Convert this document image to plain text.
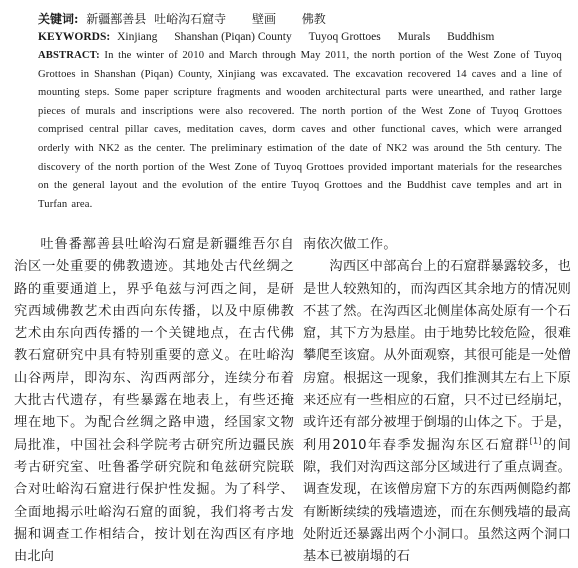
关键词: 新疆鄯善县 吐峪沟石窟寺 壁画 佛教
KEYWORDS: Xinjiang Shanshan (Piqan) County Tuyoq Grottoes Murals Buddhism
ABSTRACT: In the winter of 2010 and March through May 2011, the north portion of the West Zone of Tuyoq Grottoes in Shanshan (Piqan) County, Xinjiang was excavated. The excavation recovered 14 caves and a line of mounting steps. Some paper scripture fragments and wooden architectural parts were unearthed, and rather large pieces of murals and inscriptions were also recovered. The north portion of the West Zone of Tuyoq Grottoes comprised central pillar caves, meditation caves, dorm caves and other functional caves, which were arranged orderly with NK2 as the center. The preliminary estimation of the date of NK2 was around the 5th century. The discovery of the north portion of the West Zone of Tuyoq Grottoes provided important materials for the researches on the general layout and the evolution of the entire Tuyoq Grottoes and the Buddhist cave temples and art in Turfan area.

吐鲁番鄯善县吐峪沟石窟是新疆维吾尔自治区一处重要的佛教遗迹。其地处古代丝绸之路的重要通道上，界乎龟兹与河西之间，是研究西域佛教艺术由西向东传播，以及中原佛教艺术由东向西传播的一个关键地点，在古代佛教石窟研究中具有特别重要的意义。在吐峪沟山谷两岸，即沟东、沟西两部分，连续分布着大批古代遗存，有些暴露在地表上，有些还掩埋在地下。为配合丝绸之路申遗，经国家文物局批准，中国社会科学院考古研究所边疆民族考古研究室、吐鲁番学研究院和龟兹研究院联合对吐峪沟石窟进行保护性发掘。为了科学、全面地揭示吐峪沟石窟的面貌，我们将考古发掘和调查工作相结合，按计划在沟西区有序地由北向

南依次做工作。

沟西区中部高台上的石窟群暴露较多，也是世人较熟知的，而沟西区其余地方的情况则不甚了然。在沟西区北侧崖体高处原有一个石窟，其下方为悬崖。由于地势比较危险，很难攀爬至该窟。从外面观察，其很可能是一处僧房窟。根据这一现象，我们推测其左右上下原来还应有一些相应的石窟，只不过已经崩圮，或许还有部分被埋于倒塌的山体之下。于是，利用2010年春季发掘沟东区石窟群[1]的间隙，我们对沟西这部分区域进行了重点调查。调查发现，在该僧房窟下方的东西两侧隐约都有断断续续的残墙遗迹，而在东侧残墙的最高处附近还暴露出两个小洞口。虽然这两个洞口基本已被崩塌的石
